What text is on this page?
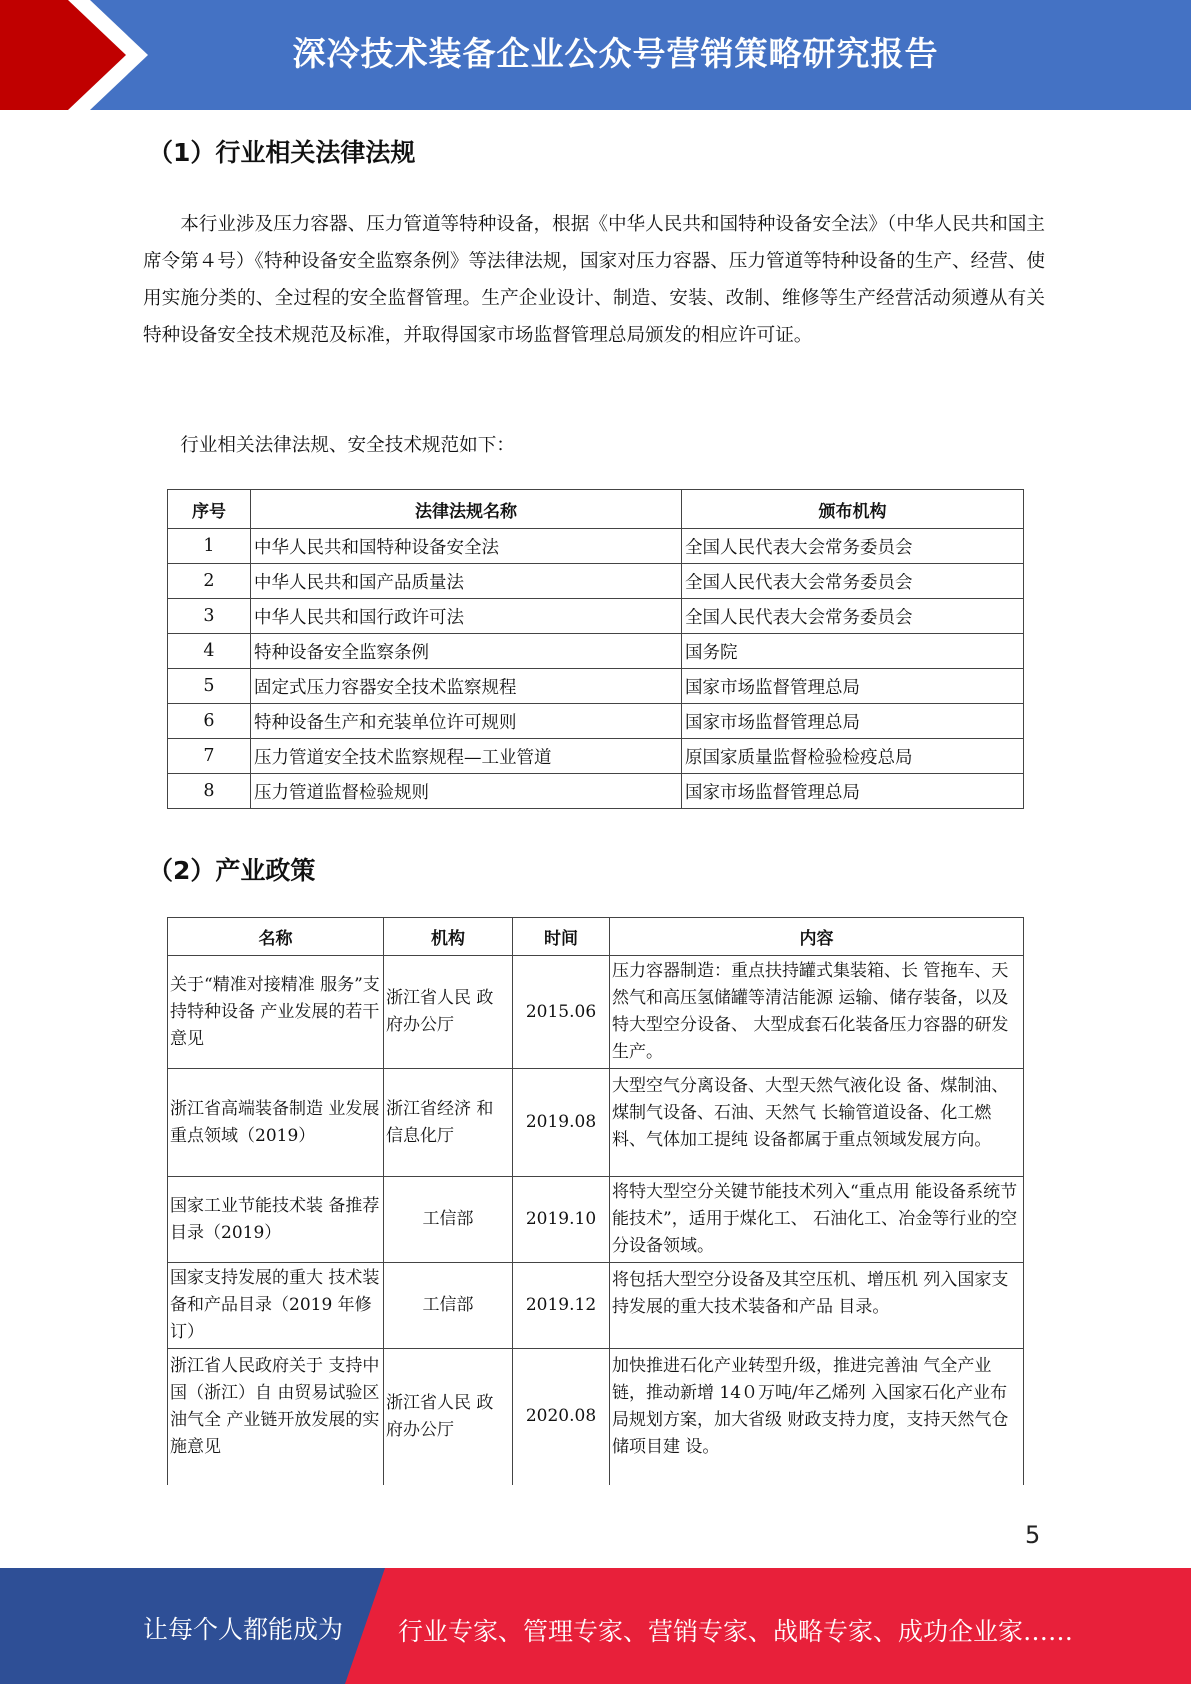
深冷技术装备企业公众号营销策略研究报告
（1）行业相关法律法规

本行业涉及压力容器、压力管道等特种设备，根据《中华人民共和国特种设备安全法》（中华人民共和国主席令第４号）《特种设备安全监察条例》等法律法规，国家对压力容器、压力管道等特种设备的生产、经营、使用实施分类的、全过程的安全监督管理。生产企业设计、制造、安装、改制、维修等生产经营活动须遵从有关特种设备安全技术规范及标准，并取得国家市场监督管理总局颁发的相应许可证。

行业相关法律法规、安全技术规范如下：

序号	法律法规名称	颁布机构
1	中华人民共和国特种设备安全法	全国人民代表大会常务委员会
2	中华人民共和国产品质量法	全国人民代表大会常务委员会
3	中华人民共和国行政许可法	全国人民代表大会常务委员会
4	特种设备安全监察条例	国务院
5	固定式压力容器安全技术监察规程	国家市场监督管理总局
6	特种设备生产和充装单位许可规则	国家市场监督管理总局
7	压力管道安全技术监察规程—工业管道	原国家质量监督检验检疫总局
8	压力管道监督检验规则	国家市场监督管理总局
（2）产业政策
名称	机构	时间	内容
关于“精准对接精准 服务”支持特种设备 产业发展的若干意见	浙江省人民 政府办公厅	2015.06	压力容器制造：重点扶持罐式集装箱、长 管拖车、天然气和高压氢储罐等清洁能源 运输、储存装备，以及特大型空分设备、 大型成套石化装备压力容器的研发生产。
浙江省高端装备制造 业发展重点领域（2019）	浙江省经济 和信息化厅	2019.08	大型空气分离设备、大型天然气液化设 备、煤制油、煤制气设备、石油、天然气 长输管道设备、化工燃料、气体加工提纯 设备都属于重点领域发展方向。
国家工业节能技术装 备推荐目录（2019）	工信部	2019.10	将特大型空分关键节能技术列入“重点用 能设备系统节能技术”，适用于煤化工、 石油化工、冶金等行业的空分设备领域。
国家支持发展的重大 技术装备和产品目录（2019 年修订）	工信部	2019.12	将包括大型空分设备及其空压机、增压机 列入国家支持发展的重大技术装备和产品 目录。
浙江省人民政府关于 支持中国（浙江）自 由贸易试验区油气全 产业链开放发展的实 施意见	浙江省人民 政府办公厅	2020.08	加快推进石化产业转型升级，推进完善油 气全产业链，推动新增 14０万吨/年乙烯列 入国家石化产业布局规划方案，加大省级 财政支持力度，支持天然气仓储项目建 设。
5
让每个人都能成为 行业专家、管理专家、营销专家、战略专家、成功企业家……
